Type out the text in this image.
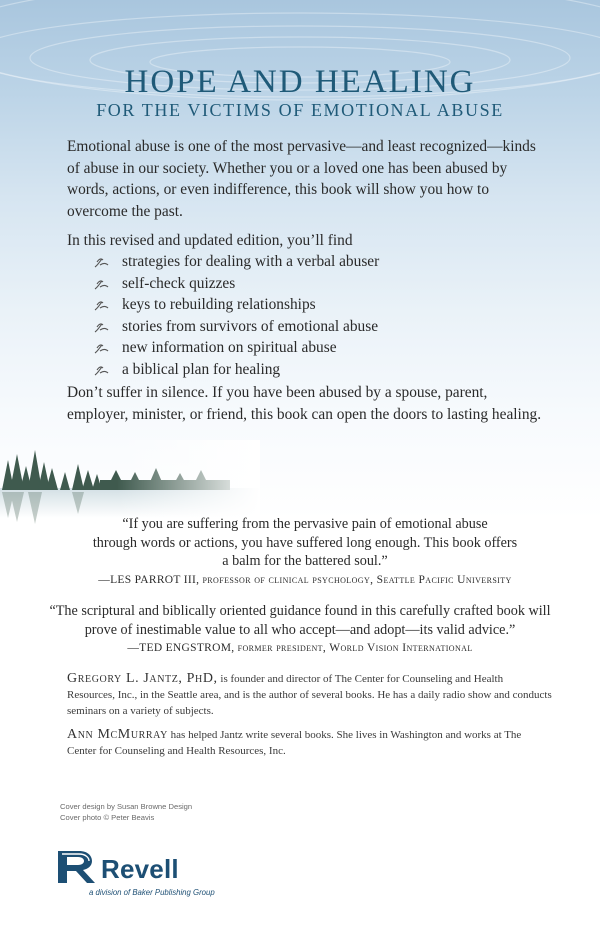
HOPE AND HEALING
FOR THE VICTIMS OF EMOTIONAL ABUSE
Emotional abuse is one of the most pervasive—and least recognized—kinds of abuse in our society. Whether you or a loved one has been abused by words, actions, or even indifference, this book will show you how to overcome the past.
In this revised and updated edition, you’ll find
strategies for dealing with a verbal abuser
self-check quizzes
keys to rebuilding relationships
stories from survivors of emotional abuse
new information on spiritual abuse
a biblical plan for healing
Don’t suffer in silence. If you have been abused by a spouse, parent, employer, minister, or friend, this book can open the doors to lasting healing.
“If you are suffering from the pervasive pain of emotional abuse
through words or actions, you have suffered long enough. This book offers
a balm for the battered soul.”
—LES PARROT III, professor of clinical psychology, Seattle Pacific University
“The scriptural and biblically oriented guidance found in this carefully crafted book will
prove of inestimable value to all who accept—and adopt—its valid advice.”
—TED ENGSTROM, former president, World Vision International
Gregory L. Jantz, PhD, is founder and director of The Center for Counseling and Health Resources, Inc., in the Seattle area, and is the author of several books. He has a daily radio show and conducts seminars on a variety of subjects.
Ann McMurray has helped Jantz write several books. She lives in Washington and works at The Center for Counseling and Health Resources, Inc.
Cover design by Susan Browne Design
Cover photo © Peter Beavis
Revell
a division of Baker Publishing Group
